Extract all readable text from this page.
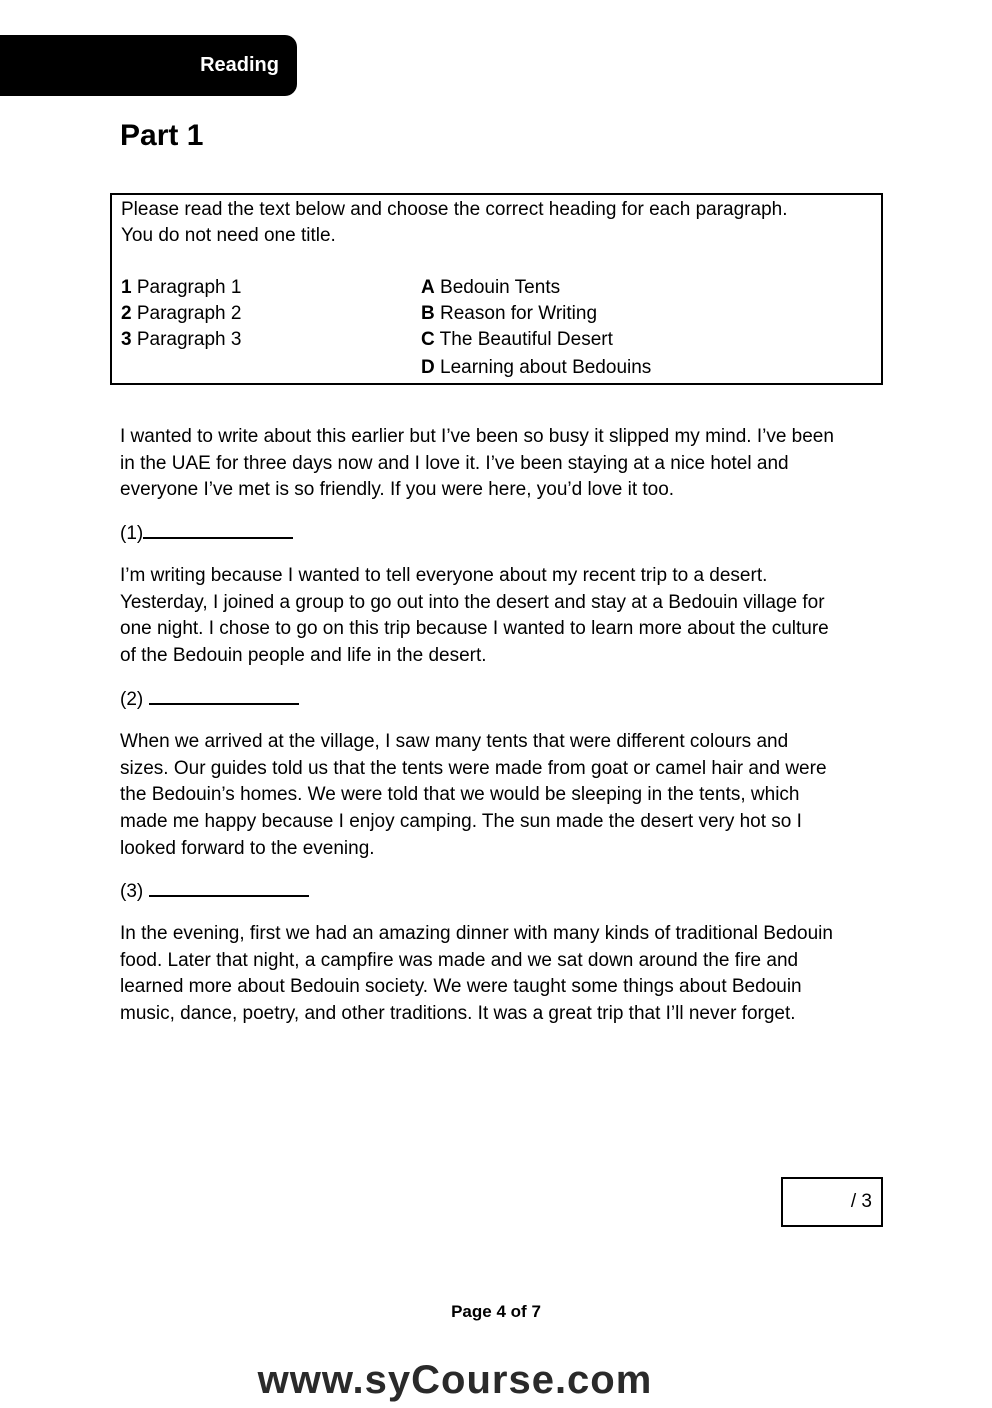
Reading
Part 1

Please read the text below and choose the correct heading for each paragraph.

You do not need one title.

1 Paragraph 1
2 Paragraph 2
3 Paragraph 3
A Bedouin Tents
B Reason for Writing
C The Beautiful Desert
D Learning about Bedouins
I wanted to write about this earlier but I’ve been so busy it slipped my mind. I’ve been
in the UAE for three days now and I love it. I’ve been staying at a nice hotel and
everyone I’ve met is so friendly. If you were here, you’d love it too.
(1)
I’m writing because I wanted to tell everyone about my recent trip to a desert.
Yesterday, I joined a group to go out into the desert and stay at a Bedouin village for
one night. I chose to go on this trip because I wanted to learn more about the culture
of the Bedouin people and life in the desert.
(2)
When we arrived at the village, I saw many tents that were different colours and
sizes. Our guides told us that the tents were made from goat or camel hair and were
the Bedouin’s homes. We were told that we would be sleeping in the tents, which
made me happy because I enjoy camping. The sun made the desert very hot so I
looked forward to the evening.
(3)
In the evening, first we had an amazing dinner with many kinds of traditional Bedouin
food. Later that night, a campfire was made and we sat down around the fire and
learned more about Bedouin society. We were taught some things about Bedouin
music, dance, poetry, and other traditions. It was a great trip that I’ll never forget.
/ 3
Page 4 of 7
www.syCourse.com
